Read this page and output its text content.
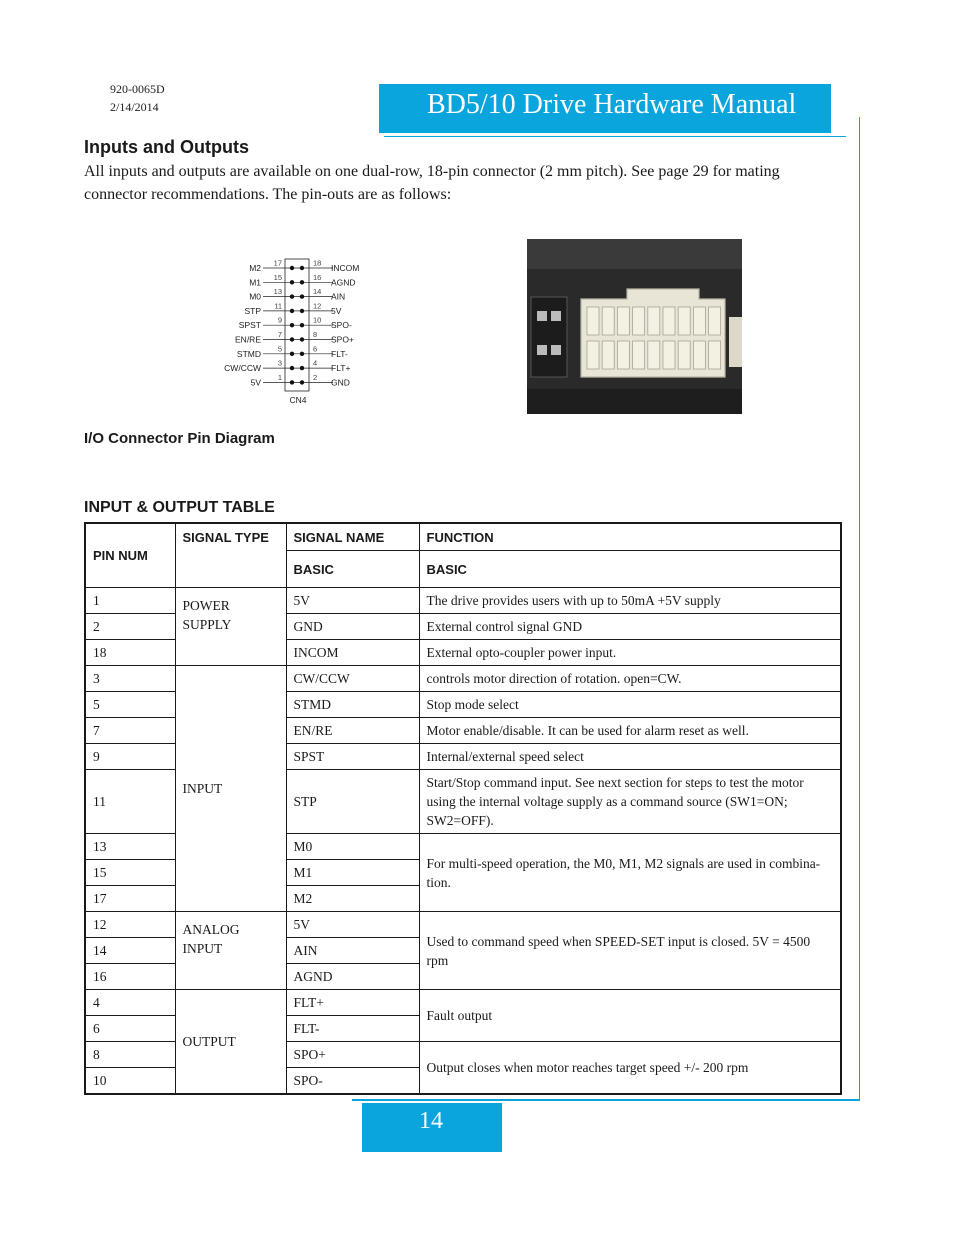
920-0065D
2/14/2014	BD5/10 Drive Hardware Manual
Inputs and Outputs
All inputs and outputs are available on one dual-row, 18-pin connector (2 mm pitch). See page 29 for mating connector recommendations. The pin-outs are as follows:
M2 17	18 INCOM
M1 15	16 AGND
M0 13	14 AIN
STP 11	12 5V
SPST 9	10 SPO-
EN/RE 7	8 SPO+
STMD 5	6 FLT-
CW/CCW 3	4 FLT+
5V 1	2 GND
CN4
I/O Connector Pin Diagram
INPUT & OUTPUT TABLE
PIN NUM	SIGNAL TYPE	SIGNAL NAME	FUNCTION
		BASIC	BASIC
1	POWER SUPPLY	5V	The drive provides users with up to 50mA +5V supply
2		GND	External control signal GND
18		INCOM	External opto-coupler power input.
3	INPUT	CW/CCW	controls motor direction of rotation. open=CW.
5		STMD	Stop mode select
7		EN/RE	Motor enable/disable. It can be used for alarm reset as well.
9		SPST	Internal/external speed select
11		STP	Start/Stop command input. See next section for steps to test the motor using the internal voltage supply as a command source (SW1=ON; SW2=OFF).
13		M0	For multi-speed operation, the M0, M1, M2 signals are used in combina-tion.
15		M1	
17		M2	
12	ANALOG INPUT	5V	Used to command speed when SPEED-SET input is closed. 5V = 4500 rpm
14		AIN	
16		AGND	
4	OUTPUT	FLT+	Fault output
6		FLT-	
8		SPO+	Output closes when motor reaches target speed +/- 200 rpm
10		SPO-	
14
